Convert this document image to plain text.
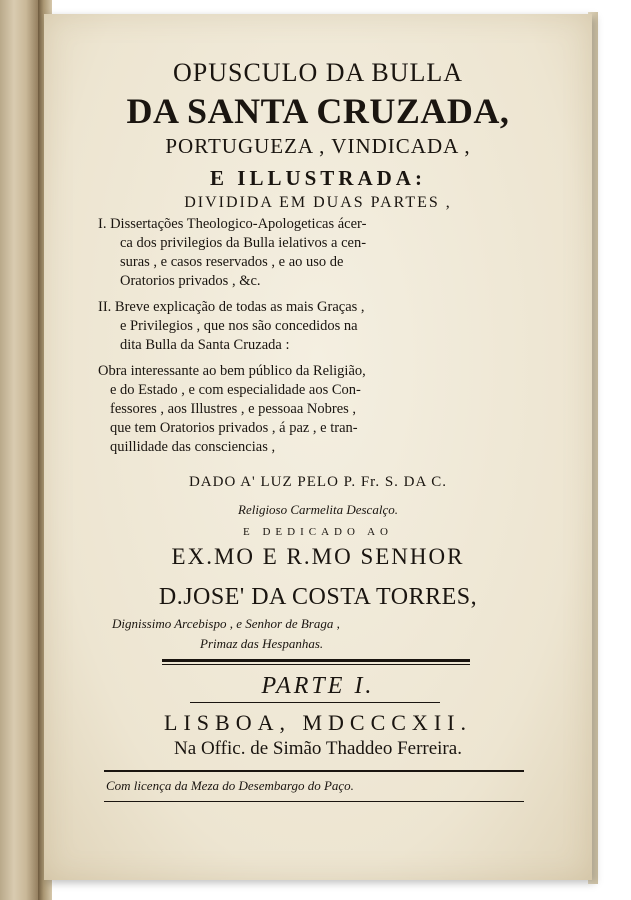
OPUSCULO DA BULLA
DA SANTA CRUZADA,
PORTUGUEZA , VINDICADA ,
E ILLUSTRADA:
DIVIDIDA EM DUAS PARTES ,
I. Dissertações Theologico-Apologeticas ácer-
ca dos privilegios da Bulla ielativos a cen-
suras , e casos reservados , e ao uso de
Oratorios privados , &c.
II. Breve explicação de todas as mais Graças ,
e Privilegios , que nos são concedidos na
dita Bulla da Santa Cruzada :
Obra interessante ao bem público da Religião,
e do Estado , e com especialidade aos Con-
fessores , aos Illustres , e pessoaa Nobres ,
que tem Oratorios privados , á paz , e tran-
quillidade das consciencias ,
DADO A' LUZ PELO P. Fr. S. DA C.
Religioso Carmelita Descalço.
E DEDICADO AO
EX.MO E R.MO SENHOR
D.JOSE' DA COSTA TORRES,
Dignissimo Arcebispo , e Senhor de Braga ,
Primaz das Hespanhas.
PARTE I.
LISBOA, MDCCCXII.
Na Offic. de Simão Thaddeo Ferreira.
Com licença da Meza do Desembargo do Paço.
